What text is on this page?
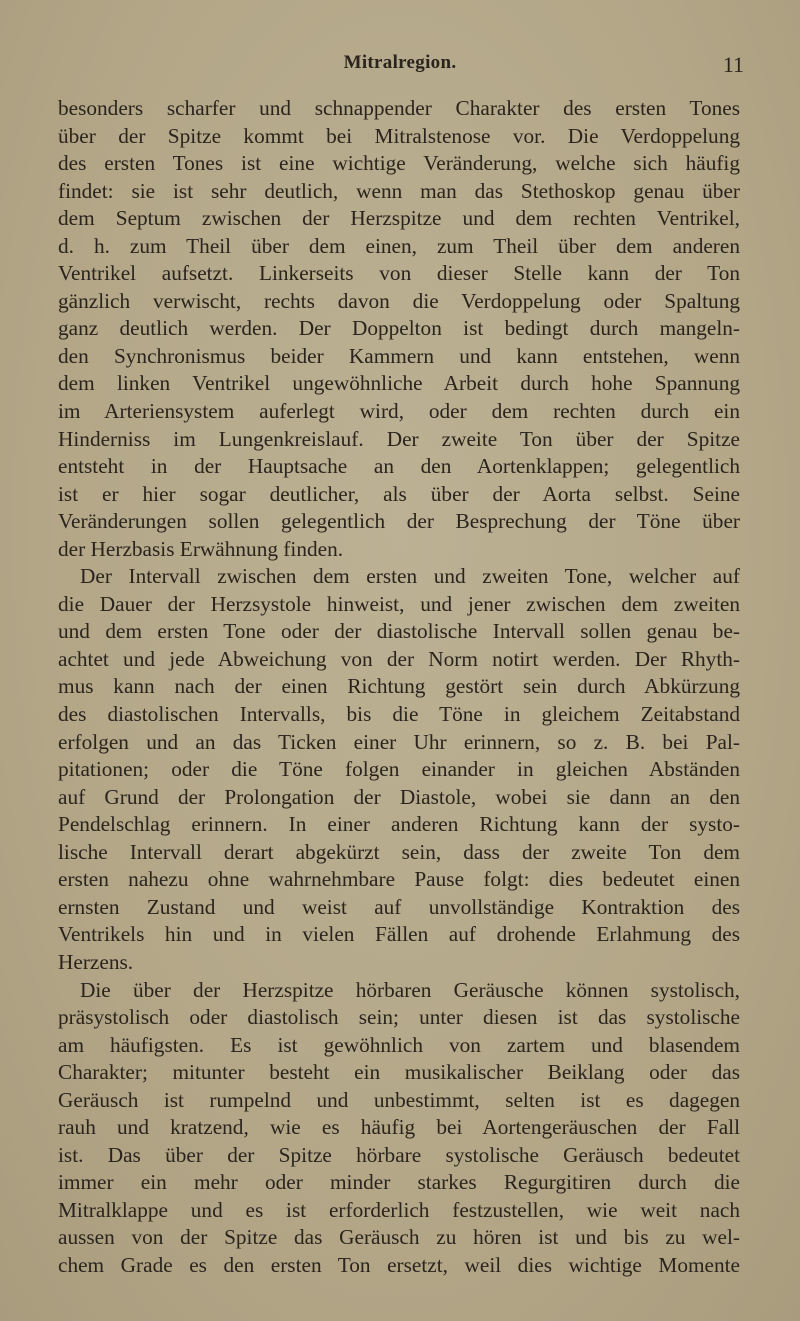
Mitralregion.	11
besonders scharfer und schnappender Charakter des ersten Tones
über der Spitze kommt bei Mitralstenose vor. Die Verdoppelung
des ersten Tones ist eine wichtige Veränderung, welche sich häufig
findet: sie ist sehr deutlich, wenn man das Stethoskop genau über
dem Septum zwischen der Herzspitze und dem rechten Ventrikel,
d. h. zum Theil über dem einen, zum Theil über dem anderen
Ventrikel aufsetzt. Linkerseits von dieser Stelle kann der Ton
gänzlich verwischt, rechts davon die Verdoppelung oder Spaltung
ganz deutlich werden. Der Doppelton ist bedingt durch mangeln-
den Synchronismus beider Kammern und kann entstehen, wenn
dem linken Ventrikel ungewöhnliche Arbeit durch hohe Spannung
im Arteriensystem auferlegt wird, oder dem rechten durch ein
Hinderniss im Lungenkreislauf. Der zweite Ton über der Spitze
entsteht in der Hauptsache an den Aortenklappen; gelegentlich
ist er hier sogar deutlicher, als über der Aorta selbst. Seine
Veränderungen sollen gelegentlich der Besprechung der Töne über
der Herzbasis Erwähnung finden.
Der Intervall zwischen dem ersten und zweiten Tone, welcher auf
die Dauer der Herzsystole hinweist, und jener zwischen dem zweiten
und dem ersten Tone oder der diastolische Intervall sollen genau be-
achtet und jede Abweichung von der Norm notirt werden. Der Rhyth-
mus kann nach der einen Richtung gestört sein durch Abkürzung
des diastolischen Intervalls, bis die Töne in gleichem Zeitabstand
erfolgen und an das Ticken einer Uhr erinnern, so z. B. bei Pal-
pitationen; oder die Töne folgen einander in gleichen Abständen
auf Grund der Prolongation der Diastole, wobei sie dann an den
Pendelschlag erinnern. In einer anderen Richtung kann der systo-
lische Intervall derart abgekürzt sein, dass der zweite Ton dem
ersten nahezu ohne wahrnehmbare Pause folgt: dies bedeutet einen
ernsten Zustand und weist auf unvollständige Kontraktion des
Ventrikels hin und in vielen Fällen auf drohende Erlahmung des
Herzens.
Die über der Herzspitze hörbaren Geräusche können systolisch,
präsystolisch oder diastolisch sein; unter diesen ist das systolische
am häufigsten. Es ist gewöhnlich von zartem und blasendem
Charakter; mitunter besteht ein musikalischer Beiklang oder das
Geräusch ist rumpelnd und unbestimmt, selten ist es dagegen
rauh und kratzend, wie es häufig bei Aortengeräuschen der Fall
ist. Das über der Spitze hörbare systolische Geräusch bedeutet
immer ein mehr oder minder starkes Regurgitiren durch die
Mitralklappe und es ist erforderlich festzustellen, wie weit nach
aussen von der Spitze das Geräusch zu hören ist und bis zu wel-
chem Grade es den ersten Ton ersetzt, weil dies wichtige Momente
